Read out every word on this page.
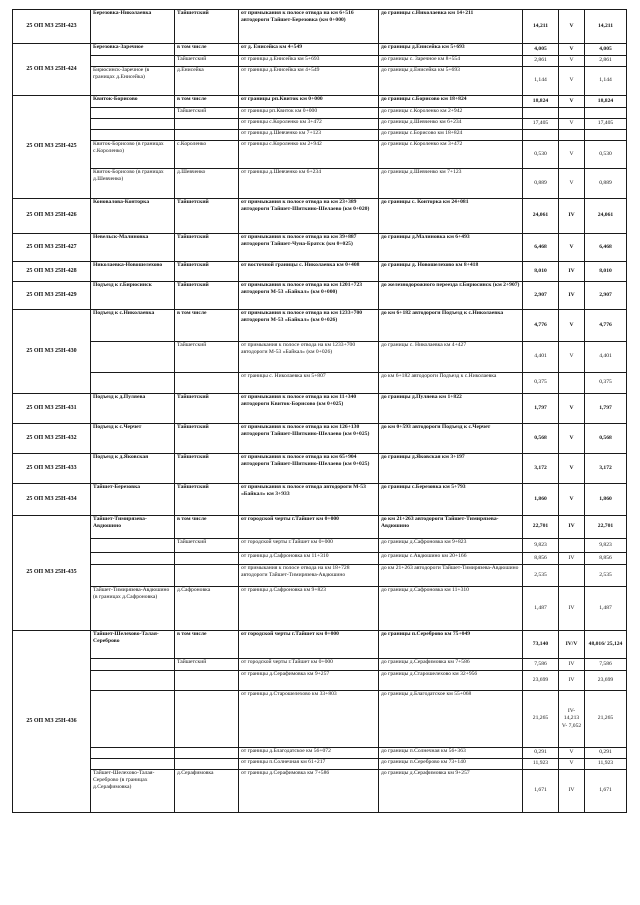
25 ОП МЗ 25Н-423	Березовка-Николаевка	Тайшетский	от примыкания к полосе отвода на км 6+516 автодороги Тайшет-Березовка (км 0+000)	до границы с.Николаевка км 14+211	14,211	V	14,211
25 ОП МЗ 25Н-424	Березовка-Заречное	в том числе	от д. Енисейка км 4+549	до границы д.Енисейка км 5+693	4,005	V	4,005
		Тайшетский	от границы д.Енисейка км 5+693	до границы с. Заречное км 8+554	2,861	V	2,861
	Бирюсинск-Заречное (в границах д.Енисейка)	д.Енисейка	от границы д.Енисейка км 4+549	до границы д.Енисейка км 5+693	1,144	V	1,144
25 ОП МЗ 25Н-425	Квиток-Борисово	в том числе	от границы рп.Квиток км 0+000	до границы с.Борисово км 18+824	18,824	V	18,824
		Тайшетский	от границы рп.Квиток км 0+000	до границы с.Короленко км 2+942			
			от границы с.Короленко км 3+472	до границы д.Шевченко км 6+234	17,405	V	17,405
			от границы д.Шевченко км 7+123	до границы с.Борисово км 18+824			
	Квиток-Борисово (в границах с.Короленко)	с.Короленко	от границы с.Короленко км 2+942	до границы с.Короленко км 3+472	0,530	V	0,530
	Квиток-Борисово (в границах д.Шевченко)	д.Шевченко	от границы д.Шевченко км 6+234	до границы д.Шевченко км 7+123	0,889	V	0,889
25 ОП МЗ 25Н-426	Коновалова-Конторка	Тайшетский	от примыкания к полосе отвода на км 23+389 автодороги Тайшет-Шиткино-Шелаево (км 0+020)	до границы с. Конторка км 24+081	24,061	IV	24,061
25 ОП МЗ 25Н-427	Невельск-Малиновка	Тайшетский	от примыкания к полосе отвода на км 39+887 автодороги Тайшет-Чуна-Братск (км 0+025)	до границы д.Малиновка км 6+493	6,468	V	6,468
25 ОП МЗ 25Н-428	Николаевка-Новошелехово	Тайшетский	от восточной границы с. Николаевка км 0+408	до границы д. Новошелехово км 8+418	8,010	IV	8,010
25 ОП МЗ 25Н-429	Подъезд к г.Бирюсинск	Тайшетский	от примыкания к полосе отвода на км 1201+723 автодороги М-53 «Байкал» (км 0+000)	до железнодорожного переезда г.Бирюсинск (км 2+907)	2,907	IV	2,907
25 ОП МЗ 25Н-430	Подъезд к с.Николаевка	в том числе	от примыкания к полосе отвода на км 1233+700 автодороги М-53 «Байкал» (км 0+026)	до км 6+182 автодороги Подъезд к с.Николаевка	4,776	V	4,776
		Тайшетский	от примыкания к полосе отвода на км 1233+700 автодороги М-53 «Байкал» (км 0+026)	до границы с. Николаевка км 4+427	4,401	V	4,401
			от границы с. Николаевка км 5+807	до км 6+182 автодороги Подъезд к с.Николаевка	0,375		0,375
25 ОП МЗ 25Н-431	Подъезд к д.Пуляева	Тайшетский	от примыкания к полосе отвода на км 11+340 автодороги Квиток-Борисово (км 0+025)	до границы д.Пуляева км 1+822	1,797	V	1,797
25 ОП МЗ 25Н-432	Подъезд к с.Черчет	Тайшетский	от примыкания к полосе отвода на км 126+130 автодороги Тайшет-Шиткино-Шелаево (км 0+025)	до км 0+593 автодороги Подъезд к с.Черчет	0,568	V	0,568
25 ОП МЗ 25Н-433	Подъезд к д.Яковская	Тайшетский	от примыкания к полосе отвода на км 65+904 автодороги Тайшет-Шиткино-Шелаево (км 0+025)	до границы д.Яковская км 3+197	3,172	V	3,172
25 ОП МЗ 25Н-434	Тайшет-Березовка	Тайшетский	от примыкания к полосе отвода автодороги М-53 «Байкал» км 3+933	до границы с.Березовка км 5+793	1,860	V	1,860
25 ОП МЗ 25Н-435	Тайшет-Тимирязева-Авдюшино	в том числе	от городской черты г.Тайшет км 0+000	до км 21+263 автодороги Тайшет-Тимирязева-Авдюшино	22,701	IV	22,701
		Тайшетский	от городской черты г.Тайшет км 0+000	до границы д.Сафроновка км 9+823	9,823		9,823
			от границы д.Сафроновка км 11+310	до границы с.Авдюшино км 20+166	8,856	IV	8,856
			от примыкания к полосе отвода на км 18+728 автодороги Тайшет-Тимирязева-Авдюшино	до км 21+263 автодороги Тайшет-Тимирязева-Авдюшино	2,535		2,535
	Тайшет-Тимирязева-Авдюшино (в границах д.Сафроновка)	д.Сафроновка	от границы д.Сафроновка км 9+823	до границы д.Сафроновка км 11+310	1,487	IV	1,487
25 ОП МЗ 25Н-436	Тайшет-Шелехово-Талая-Сереброво	в том числе	от городской черты г.Тайшет км 0+000	до границы п.Сереброво км 75+049	73,140	IV/V	48,016/ 25,124
		Тайшетский	от городской черты г.Тайшет км 0+000	до границы д.Серафимовка км 7+586	7,586	IV	7,586
			от границы д.Серафимовка км 9+257	до границы д.Старошелехово км 32+956	23,699	IV	23,699
			от границы д.Старошелехово км 33+803	до границы д.Благодатское км 55+068	21,265	IV- 14,213 V- 7,052	21,265
			от границы д.Благодатское км 56+072	до границы п.Солнечная км 56+363	0,291	V	0,291
			от границы п.Солнечная км 61+217	до границы п.Сереброво км 73+140	11,923	V	11,923
	Тайшет-Шелехово-Талая-Сереброво (в границах д.Серафимовка)	д.Серафимовка	от границы д.Серафимовка км 7+586	до границы д.Серафимовка км 9+257	1,671	IV	1,671
